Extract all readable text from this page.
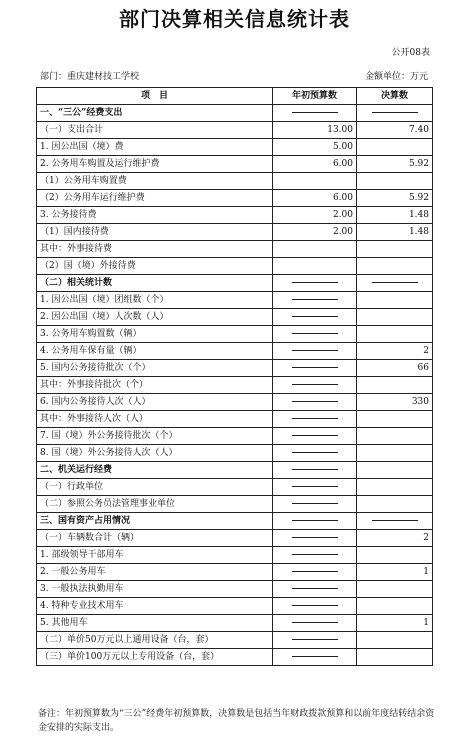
部门决算相关信息统计表
公开08表
部门：重庆建材技工学校	金额单位：万元
项　目	年初预算数	决算数
一、“三公”经费支出		
（一）支出合计	13.00	7.40
1. 因公出国（境）费	5.00	
2. 公务用车购置及运行维护费	6.00	5.92
（1）公务用车购置费		
（2）公务用车运行维护费	6.00	5.92
3. 公务接待费	2.00	1.48
（1）国内接待费	2.00	1.48
其中：外事接待费		
（2）国（境）外接待费		
（二）相关统计数		
1. 因公出国（境）团组数（个）		
2. 因公出国（境）人次数（人）		
3. 公务用车购置数（辆）		
4. 公务用车保有量（辆）		2
5. 国内公务接待批次（个）		66
其中：外事接待批次（个）		
6. 国内公务接待人次（人）		330
其中：外事接待人次（人）		
7. 国（境）外公务接待批次（个）		
8. 国（境）外公务接待人次（人）		
二、机关运行经费		
（一）行政单位		
（二）参照公务员法管理事业单位		
三、国有资产占用情况		
（一）车辆数合计（辆）		2
1. 部级领导干部用车		
2. 一般公务用车		1
3. 一般执法执勤用车		
4. 特种专业技术用车		
5. 其他用车		1
（二）单价50万元以上通用设备（台，套）		
（三）单价100万元以上专用设备（台，套）		
备注：年初预算数为“三公”经费年初预算数，决算数是包括当年财政拨款预算和以前年度结转结余资金安排的实际支出。
